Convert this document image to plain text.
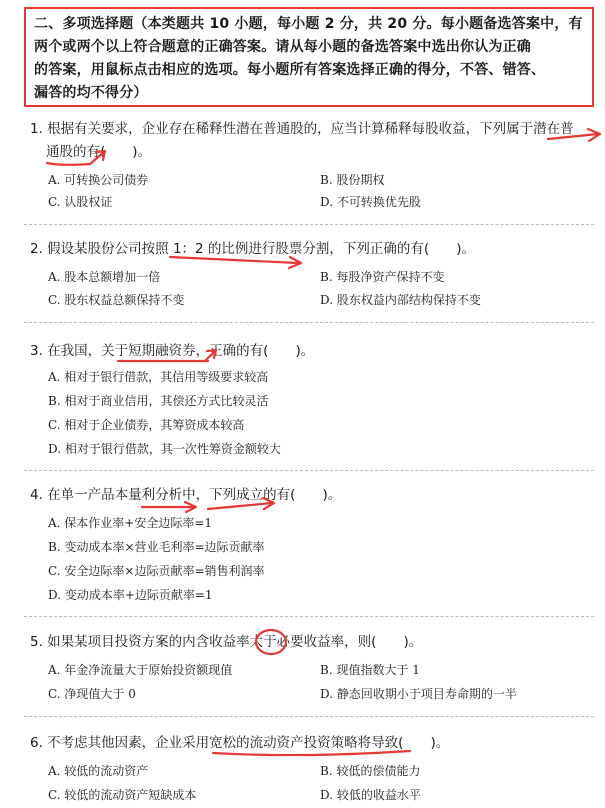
二、多项选择题（本类题共 10 小题，每小题 2 分，共 20 分。每小题备选答案中，有
两个或两个以上符合题意的正确答案。请从每小题的备选答案中选出你认为正确
的答案，用鼠标点击相应的选项。每小题所有答案选择正确的得分，不答、错答、
漏答的均不得分）
1. 根据有关要求，企业存在稀释性潜在普通股的，应当计算稀释每股收益，下列属于潜在普
通股的有(　　)。
A. 可转换公司债券	B. 股份期权
C. 认股权证	D. 不可转换优先股
2. 假设某股份公司按照 1：2 的比例进行股票分割，下列正确的有(　　)。
A. 股本总额增加一倍	B. 每股净资产保持不变
C. 股东权益总额保持不变	D. 股东权益内部结构保持不变
3. 在我国，关于短期融资券，正确的有(　　)。
A. 相对于银行借款，其信用等级要求较高
B. 相对于商业信用，其偿还方式比较灵活
C. 相对于企业债券，其筹资成本较高
D. 相对于银行借款，其一次性筹资金额较大
4. 在单一产品本量利分析中，下列成立的有(　　)。
A. 保本作业率+安全边际率=1
B. 变动成本率×营业毛利率=边际贡献率
C. 安全边际率×边际贡献率=销售利润率
D. 变动成本率+边际贡献率=1
5. 如果某项目投资方案的内含收益率大于必要收益率，则(　　)。
A. 年金净流量大于原始投资额现值	B. 现值指数大于 1
C. 净现值大于 0	D. 静态回收期小于项目寿命期的一半
6. 不考虑其他因素，企业采用宽松的流动资产投资策略将导致(　　)。
A. 较低的流动资产	B. 较低的偿债能力
C. 较低的流动资产短缺成本	D. 较低的收益水平
